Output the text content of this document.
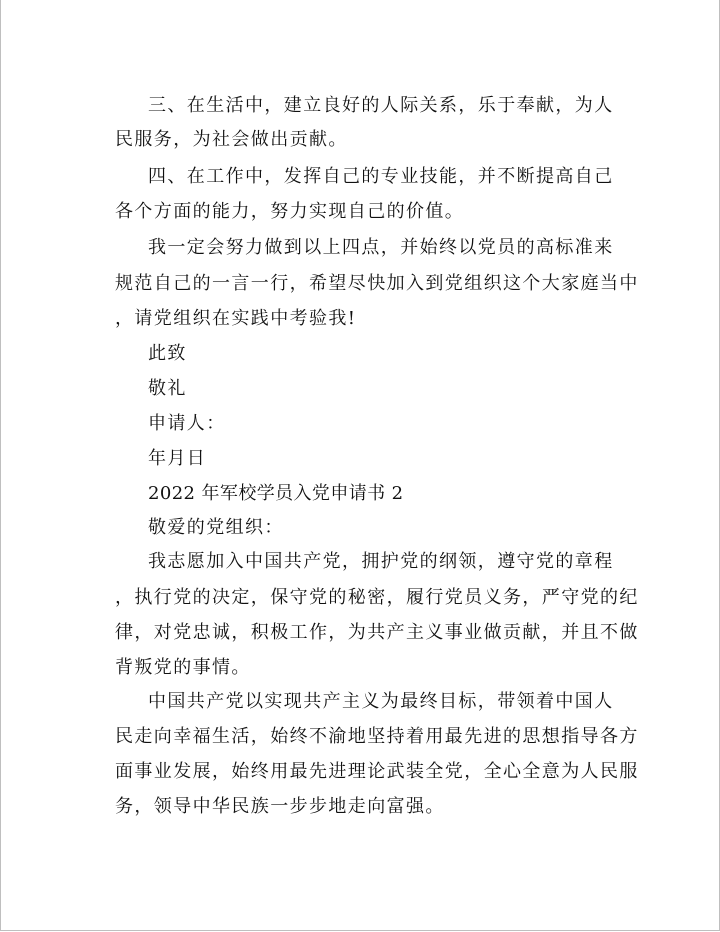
三、在生活中，建立良好的人际关系，乐于奉献，为人
民服务，为社会做出贡献。
四、在工作中，发挥自己的专业技能，并不断提高自己
各个方面的能力，努力实现自己的价值。
我一定会努力做到以上四点，并始终以党员的高标准来
规范自己的一言一行，希望尽快加入到党组织这个大家庭当中
，请党组织在实践中考验我!
此致
敬礼
申请人：
年月日
2022 年军校学员入党申请书 2
敬爱的党组织：
我志愿加入中国共产党，拥护党的纲领，遵守党的章程
，执行党的决定，保守党的秘密，履行党员义务，严守党的纪
律，对党忠诚，积极工作，为共产主义事业做贡献，并且不做
背叛党的事情。
中国共产党以实现共产主义为最终目标，带领着中国人
民走向幸福生活，始终不渝地坚持着用最先进的思想指导各方
面事业发展，始终用最先进理论武装全党，全心全意为人民服
务，领导中华民族一步步地走向富强。
